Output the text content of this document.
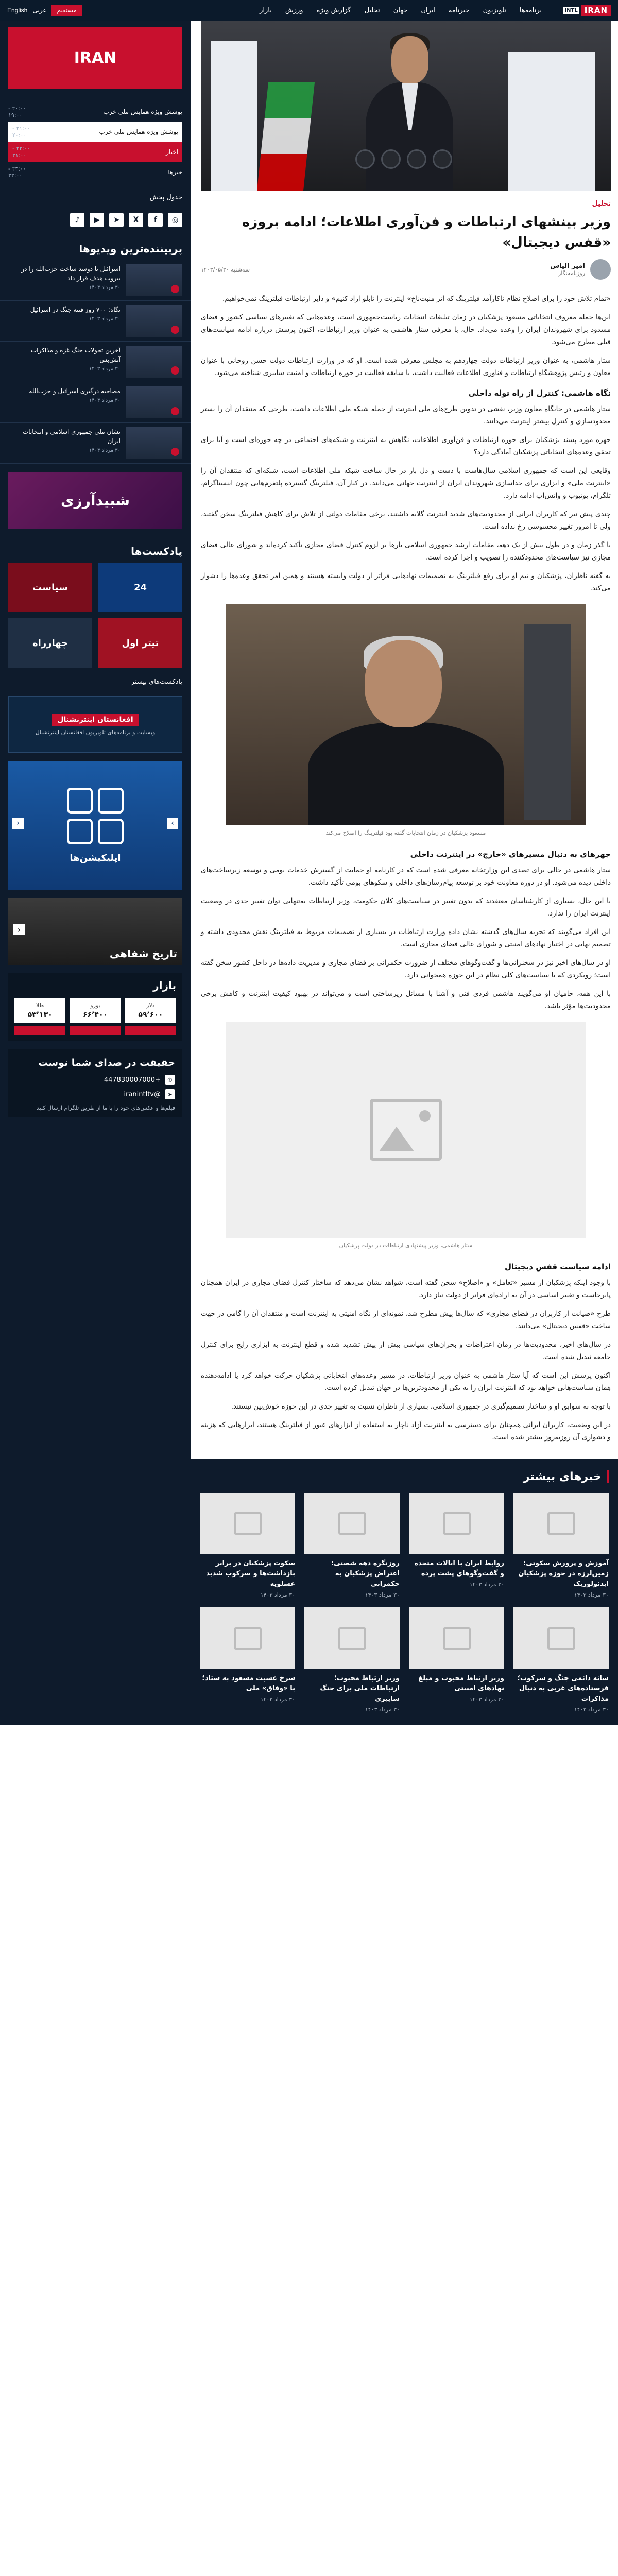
IRAN
INTL
برنامه‌ها
تلویزیون
خبرنامه
ایران
جهان
تحلیل
گزارش ویژه
ورزش
بازار
مستقیم
عربی
English
تحلیل
وزیر بینشهای ارتباطات و فن‌آوری اطلاعات؛ ادامه بروزه «قفس دیجیتال»
امیر الیاس
روزنامه‌نگار
سه‌شنبه ۱۴۰۳/۰۵/۳۰

«تمام تلاش خود را برای اصلاح نظام ناکارآمد فیلترینگ که اثر منبت‌ناخ» اینترنت را تابلو ازاد کنیم» و دایر ارتباطات فیلترینگ نمی‌خواهیم.

این‌ها جمله معروف انتخاباتی مسعود پزشکیان در زمان تبلیغات انتخابات ریاست‌جمهوری است، وعده‌هایی که تغییرهای سیاسی کشور و فضای مسدود برای شهروندان ایران را وعده می‌داد. حال، با معرفی ستار هاشمی به عنوان وزیر ارتباطات، اکنون پرسش درباره ادامه سیاست‌های قبلی مطرح می‌شود.

ستار هاشمی، به عنوان وزیر ارتباطات دولت چهاردهم به مجلس معرفی شده است. او که در وزارت ارتباطات دولت حسن روحانی با عنوان معاون و رئیس پژوهشگاه ارتباطات و فناوری اطلاعات فعالیت داشت، با سابقه فعالیت در حوزه ارتباطات و امنیت سایبری شناخته می‌شود.

نگاه هاشمی: کنترل از راه توله داخلی

ستار هاشمی در جایگاه معاون وزیر، نقشی در تدوین طرح‌های ملی اینترنت از جمله شبکه ملی اطلاعات داشت، طرحی که منتقدان آن را بستر محدودسازی و کنترل بیشتر اینترنت می‌دانند.

جهره مورد پسند بزشکیان برای حوزه ارتباطات و فن‌آوری اطلاعات، نگاهش به اینترنت و شبکه‌های اجتماعی در چه حوزه‌ای است و آیا برای تحقق وعده‌های انتخاباتی پزشکیان آمادگی دارد؟

وقایعی این است که جمهوری اسلامی سال‌هاست با دست و دل باز در حال ساخت شبکه ملی اطلاعات است، شبکه‌ای که منتقدان آن را «اینترنت ملی» و ابزاری برای جداسازی شهروندان ایران از اینترنت جهانی می‌دانند. در کنار آن، فیلترینگ گسترده پلتفرم‌هایی چون اینستاگرام، تلگرام، یوتیوب و واتس‌اپ ادامه دارد.

چندی پیش نیز که کاربران ایرانی از محدودیت‌های شدید اینترنت گلایه داشتند، برخی مقامات دولتی از تلاش برای کاهش فیلترینگ سخن گفتند، ولی تا امروز تغییر محسوسی رخ نداده است.

با گذر زمان و در طول بیش از یک دهه، مقامات ارشد جمهوری اسلامی بارها بر لزوم کنترل فضای مجازی تأکید کرده‌اند و شورای عالی فضای مجازی نیز سیاست‌های محدودکننده را تصویب و اجرا کرده است.

به گفته ناظران، پزشکیان و تیم او برای رفع فیلترینگ به تصمیمات نهادهایی فراتر از دولت وابسته هستند و همین امر تحقق وعده‌ها را دشوار می‌کند.

مسعود پزشکیان در زمان انتخابات گفته بود فیلترینگ را اصلاح می‌کند
جهرهای به دنبال مسیرهای «خارج» در اینترنت داخلی

ستار هاشمی در حالی برای تصدی این وزارتخانه معرفی شده است که در کارنامه او حمایت از گسترش خدمات بومی و توسعه زیرساخت‌های داخلی دیده می‌شود. او در دوره معاونت خود بر توسعه پیام‌رسان‌های داخلی و سکوهای بومی تأکید داشت.

با این حال، بسیاری از کارشناسان معتقدند که بدون تغییر در سیاست‌های کلان حکومت، وزیر ارتباطات به‌تنهایی توان تغییر جدی در وضعیت اینترنت ایران را ندارد.

این افراد می‌گویند که تجربه سال‌های گذشته نشان داده وزارت ارتباطات در بسیاری از تصمیمات مربوط به فیلترینگ نقش محدودی داشته و تصمیم نهایی در اختیار نهادهای امنیتی و شورای عالی فضای مجازی است.

او در سال‌های اخیر نیز در سخنرانی‌ها و گفت‌وگوهای مختلف از ضرورت حکمرانی بر فضای مجازی و مدیریت داده‌ها در داخل کشور سخن گفته است؛ رویکردی که با سیاست‌های کلی نظام در این حوزه همخوانی دارد.

با این همه، حامیان او می‌گویند هاشمی فردی فنی و آشنا با مسائل زیرساختی است و می‌تواند در بهبود کیفیت اینترنت و کاهش برخی محدودیت‌ها مؤثر باشد.

ستار هاشمی، وزیر پیشنهادی ارتباطات در دولت پزشکیان
ادامه سیاست قفس دیجیتال

با وجود اینکه پزشکیان از مسیر «تعامل» و «اصلاح» سخن گفته است، شواهد نشان می‌دهد که ساختار کنترل فضای مجازی در ایران همچنان پابرجاست و تغییر اساسی در آن به اراده‌ای فراتر از دولت نیاز دارد.

طرح «صیانت از کاربران در فضای مجازی» که سال‌ها پیش مطرح شد، نمونه‌ای از نگاه امنیتی به اینترنت است و منتقدان آن را گامی در جهت ساخت «قفس دیجیتال» می‌دانند.

در سال‌های اخیر، محدودیت‌ها در زمان اعتراضات و بحران‌های سیاسی بیش از پیش تشدید شده و قطع اینترنت به ابزاری رایج برای کنترل جامعه تبدیل شده است.

اکنون پرسش این است که آیا ستار هاشمی به عنوان وزیر ارتباطات، در مسیر وعده‌های انتخاباتی پزشکیان حرکت خواهد کرد یا ادامه‌دهنده همان سیاست‌هایی خواهد بود که اینترنت ایران را به یکی از محدودترین‌ها در جهان تبدیل کرده است.

با توجه به سوابق او و ساختار تصمیم‌گیری در جمهوری اسلامی، بسیاری از ناظران نسبت به تغییر جدی در این حوزه خوش‌بین نیستند.

در این وضعیت، کاربران ایرانی همچنان برای دسترسی به اینترنت آزاد ناچار به استفاده از ابزارهای عبور از فیلترینگ هستند، ابزارهایی که هزینه و دشواری آن روزبه‌روز بیشتر شده است.

خبرهای بیشتر
آموزش و پرورش سکوتی؛ زمین‌لرزه در حوزه پزشکیان ایدئولوژیک
۳۰ مرداد ۱۴۰۳
روابط ایران با ایالات متحده و گفت‌وگوهای پشت پرده
۳۰ مرداد ۱۴۰۳
روزنگره دهه شصتی؛ اعتراض پزشکیان به حکمرانی
۳۰ مرداد ۱۴۰۳
سکوت پزشکیان در برابر بازداشت‌ها و سرکوب شدید عسلویه
۳۰ مرداد ۱۴۰۳
سانه دائمی جنگ و سرکوب؛ فرستاده‌های غربی به دنبال مذاکرات
۳۰ مرداد ۱۴۰۳
وزیر ارتباط محبوب و مبلغ نهادهای امنیتی
۳۰ مرداد ۱۴۰۳
وزیر ارتباط محبوب؛ ارتباطات ملی برای جنگ سایبری
۳۰ مرداد ۱۴۰۳
سرخ عشبت مسعود به ستاد؛ با «وفاق» ملی
۳۰ مرداد ۱۴۰۳
IRAN
پوشش ویژه همایش ملی خرب
۲۰:۰۰ - ۱۹:۰۰
پوشش ویژه همایش ملی خرب
۲۱:۰۰ - ۲۰:۰۰
اخبار
۲۲:۰۰ - ۲۱:۰۰
خبرها
۲۳:۰۰ - ۲۲:۰۰
جدول پخش
◎
f
X
➤
▶
♪
پربیننده‌ترین ویدیوها
اسرائیل با دوسد ساخت حزب‌الله را در بیروت هدف قرار داد
۳۰ مرداد ۱۴۰۳
نگاه: ۷۰۰ روز فتنه جنگ در اسرائیل
۳۰ مرداد ۱۴۰۳
آخرین تحولات جنگ غزه و مذاکرات آتش‌بس
۳۰ مرداد ۱۴۰۳
مصاحبه درگیری اسرائیل و حزب‌الله
۳۰ مرداد ۱۴۰۳
نشان ملی جمهوری اسلامی و انتخابات ایران
۳۰ مرداد ۱۴۰۳
شبیدآرزی
پادکست‌ها
24
سیاست
تیتر اول
چهارراه
پادکست‌های بیشتر
افغانستان اینترنشنال
وبسایت و برنامه‌های تلویزیون افغانستان اینترنشنال
›
‹
اپلیکیشن‌ها
‹
تاریخ شفاهی
بازار
دلار
۵۹٬۶۰۰
یورو
۶۶٬۴۰۰
طلا
۵۳٬۱۳۰
حقیقت در صدای شما نوست
✆
+447830007000
➤
@iranintltv
فیلم‌ها و عکس‌های خود را با ما از طریق تلگرام ارسال کنید
